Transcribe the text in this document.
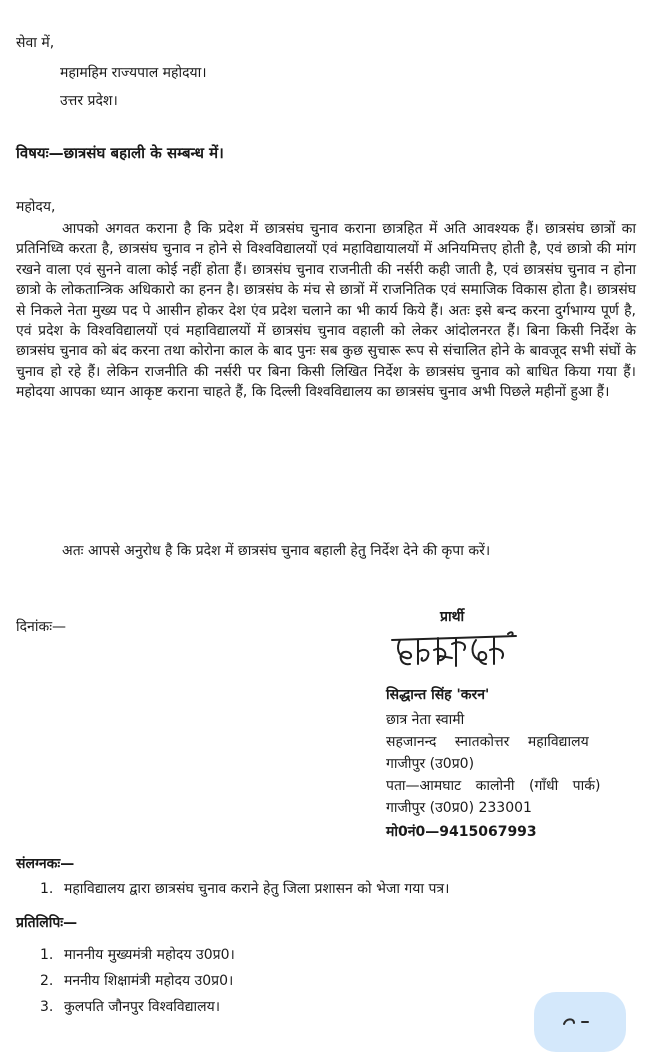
सेवा में,
महामहिम राज्यपाल महोदया।
उत्तर प्रदेश।
विषयः—छात्रसंघ बहाली के सम्बन्ध में।
महोदय,
आपको अगवत कराना है कि प्रदेश में छात्रसंघ चुनाव कराना छात्रहित में अति आवश्यक हैं। छात्रसंघ छात्रों का प्रतिनिध्वि करता है, छात्रसंघ चुनाव न होने से विश्वविद्यालयों एवं महाविद्यायालयों में अनियमित्तए होती है, एवं छात्रो की मांग रखने वाला एवं सुनने वाला कोई नहीं होता हैं। छात्रसंघ चुनाव राजनीती की नर्सरी कही जाती है, एवं छात्रसंघ चुनाव न होना छात्रो के लोकतान्त्रिक अधिकारो का हनन है। छात्रसंघ के मंच से छात्रों में राजनितिक एवं समाजिक विकास होता है। छात्रसंघ से निकले नेता मुख्य पद पे आसीन होकर देश एंव प्रदेश चलाने का भी कार्य किये हैं। अतः इसे बन्द करना दुर्गभाग्य पूर्ण है, एवं प्रदेश के विश्वविद्यालयों एवं महाविद्यालयों में छात्रसंघ चुनाव वहाली को लेकर आंदोलनरत हैं। बिना किसी निर्देश के छात्रसंघ चुनाव को बंद करना तथा कोरोना काल के बाद पुनः सब कुछ सुचारू रूप से संचालित होने के बावजूद सभी संघों के चुनाव हो रहे हैं। लेकिन राजनीति की नर्सरी पर बिना किसी लिखित निर्देश के छात्रसंघ चुनाव को बाधित किया गया हैं। महोदया आपका ध्यान आकृष्ट कराना चाहते हैं, कि दिल्ली विश्वविद्यालय का छात्रसंघ चुनाव अभी पिछले महीनों हुआ हैं।
अतः आपसे अनुरोध है कि प्रदेश में छात्रसंघ चुनाव बहाली हेतु निर्देश देने की कृपा करें।
दिनांकः—
प्रार्थी
सिद्धान्त सिंह 'करन'
छात्र नेता स्वामी
सहजानन्द स्नातकोत्तर महाविद्यालय
गाजीपुर (उ0प्र0)
पता—आमघाट कालोनी (गाँधी पार्क)
गाजीपुर (उ0प्र0) 233001
मो0नं0—9415067993
संलग्नकः—
1. महाविद्यालय द्वारा छात्रसंघ चुनाव कराने हेतु जिला प्रशासन को भेजा गया पत्र।
प्रतिलिपिः—
1. माननीय मुख्यमंत्री महोदय उ0प्र0।
2. मननीय शिक्षामंत्री महोदय उ0प्र0।
3. कुलपति जौनपुर विश्वविद्यालय।
